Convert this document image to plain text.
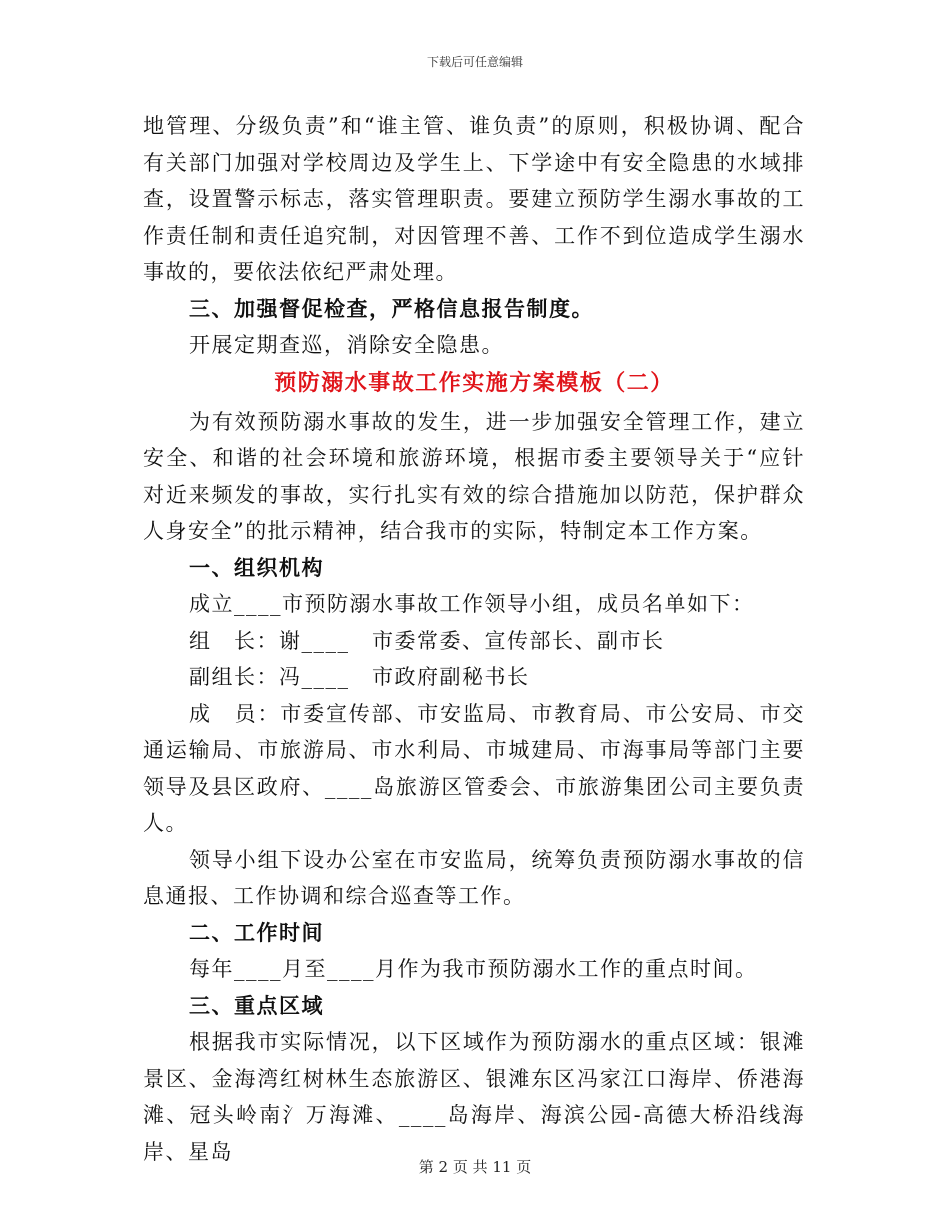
下载后可任意编辑

地管理、分级负责”和“谁主管、谁负责”的原则，积极协调、配合有关部门加强对学校周边及学生上、下学途中有安全隐患的水域排查，设置警示标志，落实管理职责。要建立预防学生溺水事故的工作责任制和责任追究制，对因管理不善、工作不到位造成学生溺水事故的，要依法依纪严肃处理。

三、加强督促检查，严格信息报告制度。

开展定期查巡，消除安全隐患。

预防溺水事故工作实施方案模板（二）

为有效预防溺水事故的发生，进一步加强安全管理工作，建立安全、和谐的社会环境和旅游环境，根据市委主要领导关于“应针对近来频发的事故，实行扎实有效的综合措施加以防范，保护群众人身安全”的批示精神，结合我市的实际，特制定本工作方案。

一、组织机构

成立____市预防溺水事故工作领导小组，成员名单如下：

组　长：谢____　市委常委、宣传部长、副市长

副组长：冯____　市政府副秘书长

成　员：市委宣传部、市安监局、市教育局、市公安局、市交通运输局、市旅游局、市水利局、市城建局、市海事局等部门主要领导及县区政府、____岛旅游区管委会、市旅游集团公司主要负责人。

领导小组下设办公室在市安监局，统筹负责预防溺水事故的信息通报、工作协调和综合巡查等工作。

二、工作时间

每年____月至____月作为我市预防溺水工作的重点时间。

三、重点区域

根据我市实际情况，以下区域作为预防溺水的重点区域：银滩景区、金海湾红树林生态旅游区、银滩东区冯家江口海岸、侨港海滩、冠头岭南氵万海滩、____岛海岸、海滨公园-高德大桥沿线海岸、星岛

第 2 页 共 11 页
